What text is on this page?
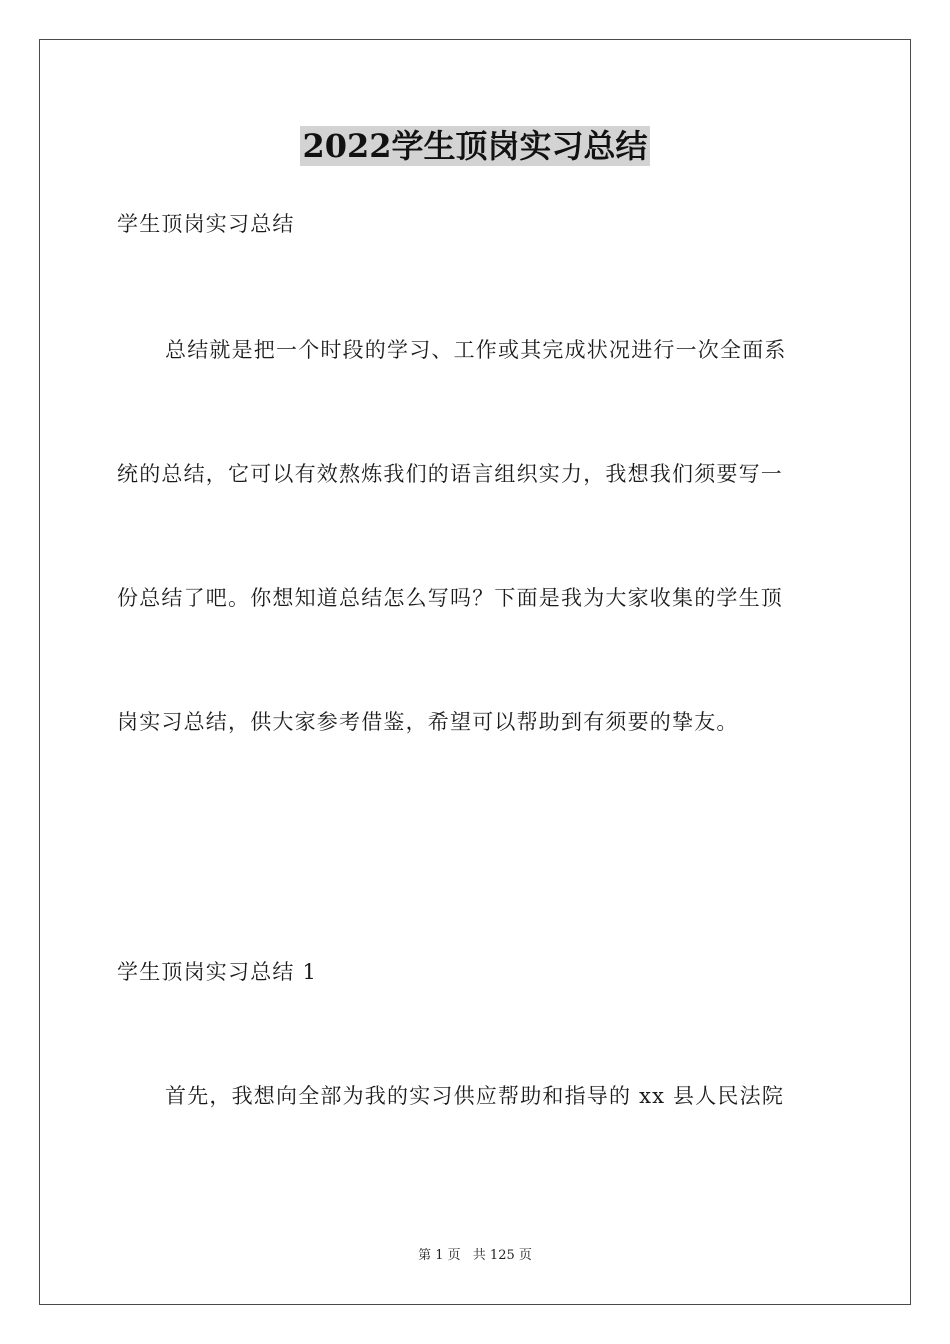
2022学生顶岗实习总结
学生顶岗实习总结
总结就是把一个时段的学习、工作或其完成状况进行一次全面系
统的总结，它可以有效熬炼我们的语言组织实力，我想我们须要写一
份总结了吧。你想知道总结怎么写吗？下面是我为大家收集的学生顶
岗实习总结，供大家参考借鉴，希望可以帮助到有须要的挚友。
学生顶岗实习总结 1
首先，我想向全部为我的实习供应帮助和指导的 xx 县人民法院
第 1 页 共 125 页
